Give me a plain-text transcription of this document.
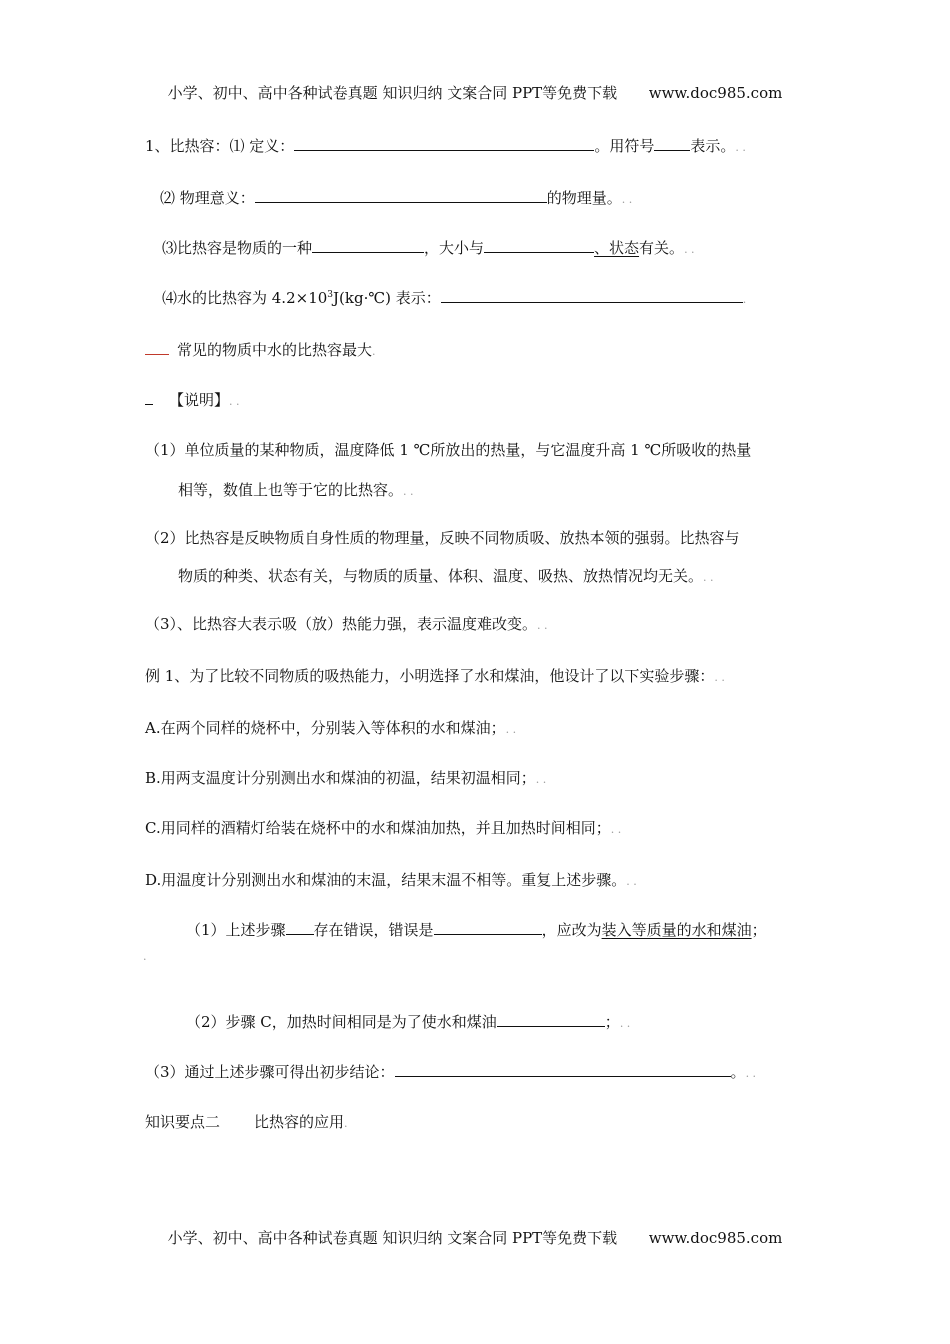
小学、初中、高中各种试卷真题 知识归纳 文案合同 PPT等免费下载 www.doc985.com
1、比热容：⑴ 定义：	。用符号 表示。. .
⑵ 物理意义：	的物理量。. .
⑶比热容是物质的一种	，大小与	、状态有关。. .
⑷水的比热容为 $4.2\times 10^3J(kg\cdot℃)$ 表示：	.
常见的物质中水的比热容最大.
【说明】. .
（1）单位质量的某种物质，温度降低 1 ℃所放出的热量，与它温度升高 1 ℃所吸收的热量
相等，数值上也等于它的比热容。. .
（2）比热容是反映物质自身性质的物理量，反映不同物质吸、放热本领的强弱。比热容与
物质的种类、状态有关，与物质的质量、体积、温度、吸热、放热情况均无关。. .
（3）、比热容大表示吸（放）热能力强，表示温度难改变。. .
例 1、为了比较不同物质的吸热能力，小明选择了水和煤油，他设计了以下实验步骤：. .
A.在两个同样的烧杯中，分别装入等体积的水和煤油；. .
B.用两支温度计分别测出水和煤油的初温，结果初温相同；. .
C.用同样的酒精灯给装在烧杯中的水和煤油加热，并且加热时间相同；. .
D.用温度计分别测出水和煤油的末温，结果末温不相等。重复上述步骤。. .
（1）上述步骤 存在错误，错误是	，应改为装入等质量的水和煤油；
.
（2）步骤 C，加热时间相同是为了使水和煤油	；. .
（3）通过上述步骤可得出初步结论：	。. .
知识要点二 比热容的应用.
小学、初中、高中各种试卷真题 知识归纳 文案合同 PPT等免费下载 www.doc985.com
